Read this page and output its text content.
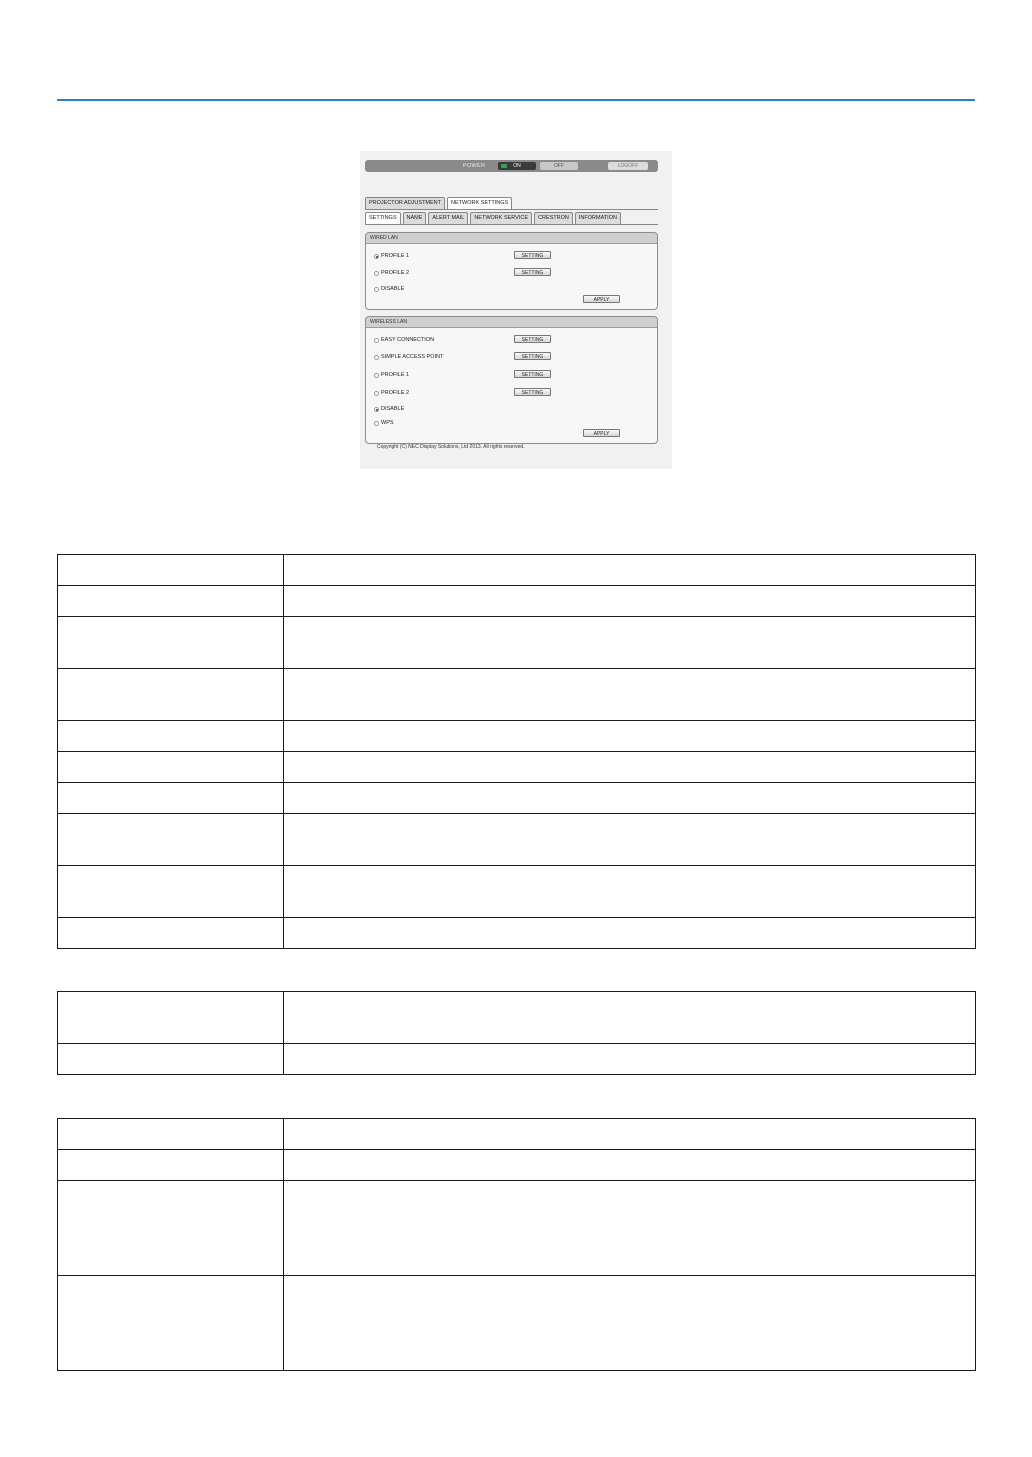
POWER	ON	OFF	LOGOFF
PROJECTOR ADJUSTMENT	NETWORK SETTINGS
SETTINGS	NAME	ALERT MAIL	NETWORK SERVICE	CRESTRON	INFORMATION
WIRED LAN
PROFILE 1
PROFILE 2
DISABLE
SETTING
SETTING
APPLY
WIRELESS LAN
EASY CONNECTION
SIMPLE ACCESS POINT
PROFILE 1
PROFILE 2
DISABLE
WPS
SETTING
SETTING
SETTING
SETTING
APPLY
Copyright (C) NEC Display Solutions, Ltd 2013. All rights reserved.
